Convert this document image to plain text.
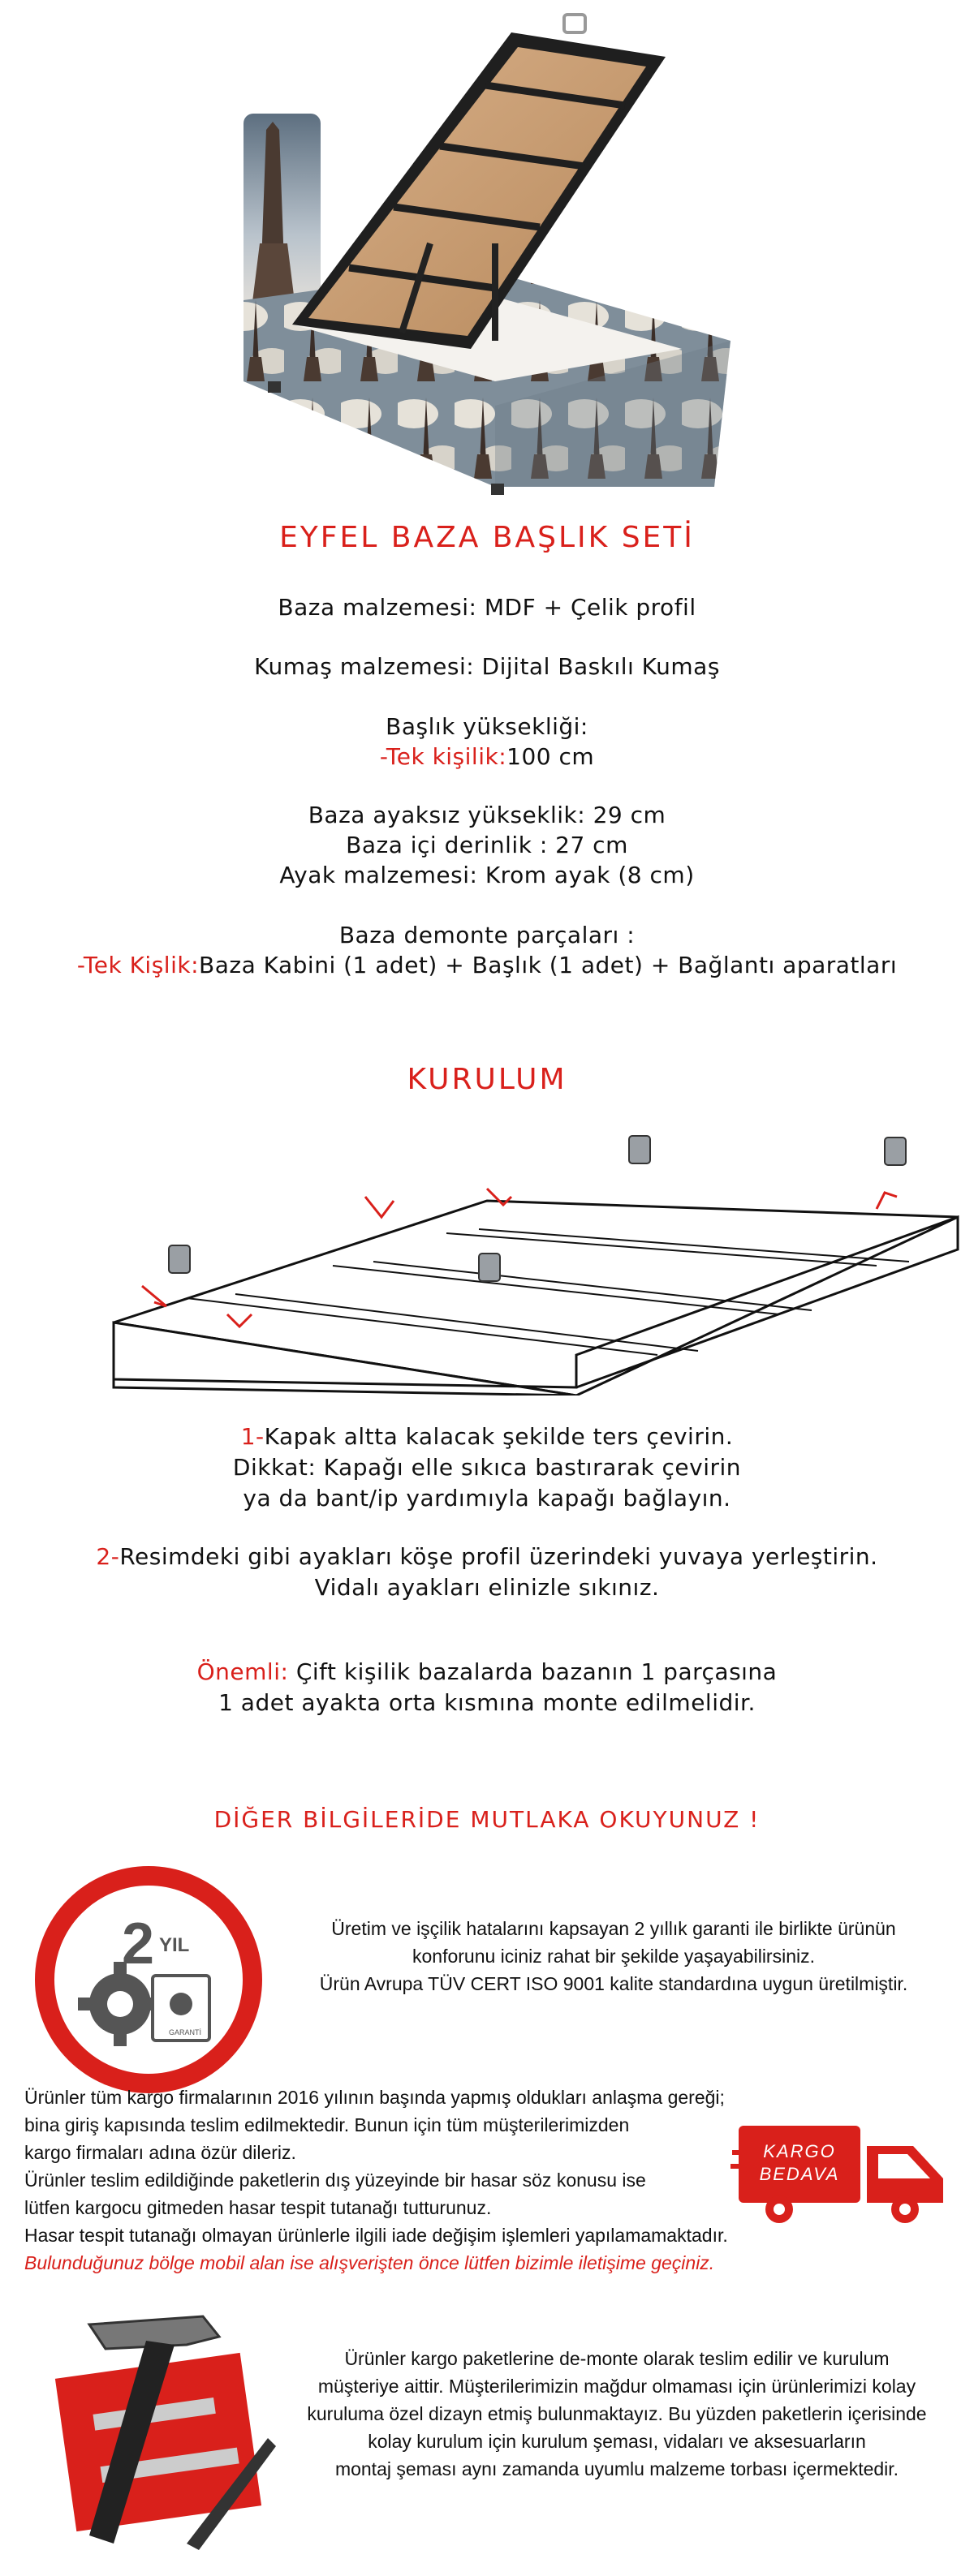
EYFEL BAZA BAŞLIK SETİ
Baza malzemesi: MDF + Çelik profil
Kumaş malzemesi: Dijital Baskılı Kumaş
Başlık yüksekliği:
-Tek kişilik:100 cm
Baza ayaksız yükseklik: 29 cm
Baza içi derinlik : 27 cm
Ayak malzemesi: Krom ayak (8 cm)
Baza demonte parçaları :
-Tek Kişlik:Baza Kabini (1 adet) + Başlık (1 adet) + Bağlantı aparatları
KURULUM
1-Kapak altta kalacak şekilde ters çevirin.
Dikkat: Kapağı elle sıkıca bastırarak çevirin
ya da bant/ip yardımıyla kapağı bağlayın.
2-Resimdeki gibi ayakları köşe profil üzerindeki yuvaya yerleştirin.
Vidalı ayakları elinizle sıkınız.
Önemli: Çift kişilik bazalarda bazanın 1 parçasına
1 adet ayakta orta kısmına monte edilmelidir.
DİĞER BİLGİLERİDE MUTLAKA OKUYUNUZ !
GARANTİ
2 YIL
Üretim ve işçilik hatalarını kapsayan 2 yıllık garanti ile birlikte ürünün
konforunu iciniz rahat bir şekilde yaşayabilirsiniz.
Ürün Avrupa TÜV CERT ISO 9001 kalite standardına uygun üretilmiştir.
Ürünler tüm kargo firmalarının 2016 yılının başında yapmış oldukları anlaşma gereği;
bina giriş kapısında teslim edilmektedir. Bunun için tüm müşterilerimizden
kargo firmaları adına özür dileriz.
Ürünler teslim edildiğinde paketlerin dış yüzeyinde bir hasar söz konusu ise
lütfen kargocu gitmeden hasar tespit tutanağı tutturunuz.
Hasar tespit tutanağı olmayan ürünlerle ilgili iade değişim işlemleri yapılamamaktadır.
Bulunduğunuz bölge mobil alan ise alışverişten önce lütfen bizimle iletişime geçiniz.
KARGO
BEDAVA
Ürünler kargo paketlerine de-monte olarak teslim edilir ve kurulum
müşteriye aittir. Müşterilerimizin mağdur olmaması için ürünlerimizi kolay
kuruluma özel dizayn etmiş bulunmaktayız. Bu yüzden paketlerin içerisinde
kolay kurulum için kurulum şeması, vidaları ve aksesuarların
montaj şeması aynı zamanda uyumlu malzeme torbası içermektedir.
